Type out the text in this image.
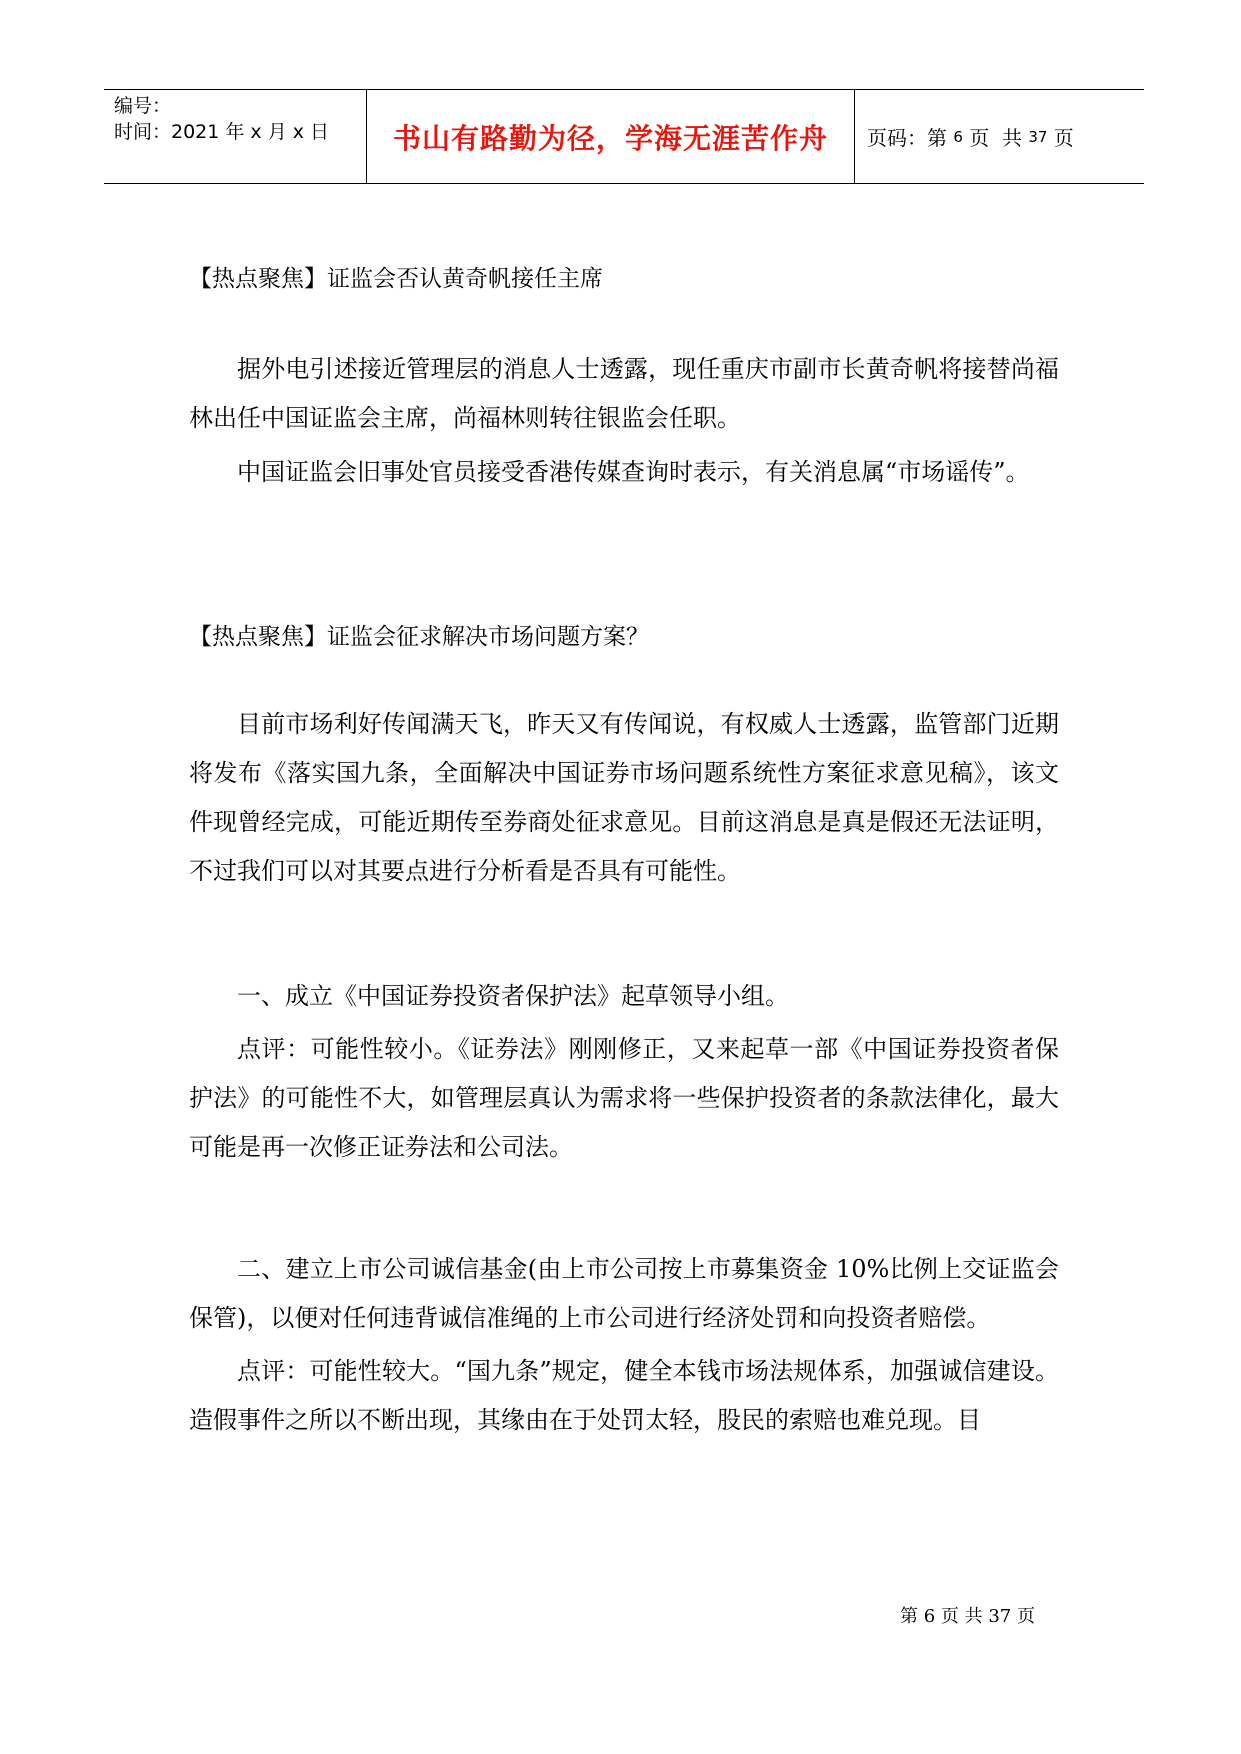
编号：
时间：2021 年 x 月 x 日 书山有路勤为径，学海无涯苦作舟 页码：第 6 页  共 37 页
【热点聚焦】证监会否认黄奇帆接任主席
据外电引述接近管理层的消息人士透露，现任重庆市副市长黄奇帆将接替尚福林出任中国证监会主席，尚福林则转往银监会任职。
中国证监会旧事处官员接受香港传媒查询时表示，有关消息属“市场谣传”。
【热点聚焦】证监会征求解决市场问题方案？
目前市场利好传闻满天飞，昨天又有传闻说，有权威人士透露，监管部门近期将发布《落实国九条，全面解决中国证券市场问题系统性方案征求意见稿》，该文件现曾经完成，可能近期传至券商处征求意见。目前这消息是真是假还无法证明，不过我们可以对其要点进行分析看是否具有可能性。
一、成立《中国证券投资者保护法》起草领导小组。
点评：可能性较小。《证券法》刚刚修正，又来起草一部《中国证券投资者保护法》的可能性不大，如管理层真认为需求将一些保护投资者的条款法律化，最大可能是再一次修正证券法和公司法。
二、建立上市公司诚信基金(由上市公司按上市募集资金 10%比例上交证监会保管)，以便对任何违背诚信准绳的上市公司进行经济处罚和向投资者赔偿。
点评：可能性较大。“国九条”规定，健全本钱市场法规体系，加强诚信建设。造假事件之所以不断出现，其缘由在于处罚太轻，股民的索赔也难兑现。目
第 6 页 共 37 页
